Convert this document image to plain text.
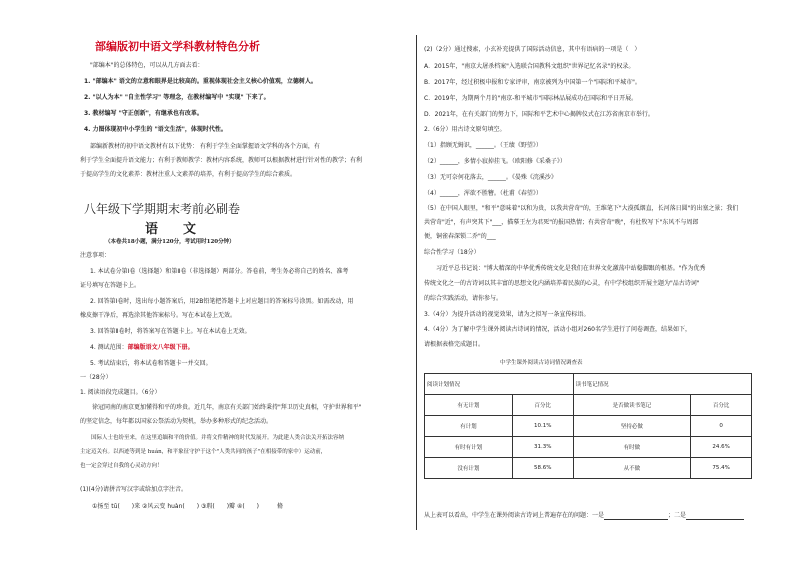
部编版初中语文学科教材特色分析
"部编本"的总体特色，可以从几方面去看：
1. "部编本" 语文的立意和眼界是比较高的。重视体现社会主义核心价值观，立德树人。
2. "以人为本" "自主性学习" 等理念，在教材编写中 "实现" 下来了。
3. 教材编写 "守正创新"，有继承也有改革。
4. 力图体现初中小学生的 "语文生活"，体现时代性。
部编新教材的初中语文教材有以下优势： 有利于学生全面掌握语文学科的各个方面，有
利于学生全面提升语文能力；有利于教师教学：教材内容系统，教师可以根据教材进行针对性的教学；有利
于提高学生的文化素养：教材注重人文素养的培养，有利于提高学生的综合素质。
八年级下学期期末考前必刷卷
语　文
（本卷共18小题，满分120分，考试用时120分钟）
注意事项：
1. 本试卷分第Ⅰ卷（选择题）和第Ⅱ卷（非选择题）两部分。答卷前，考生务必将自己的姓名、准考
证号填写在答题卡上。
2. 回答第Ⅰ卷时，选出每小题答案后，用2B铅笔把答题卡上对应题目的答案标号涂黑。如需改动，用
橡皮擦干净后，再选涂其他答案标号。写在本试卷上无效。
3. 回答第Ⅱ卷时，将答案写在答题卡上。写在本试卷上无效。
4. 测试范围：部编版语文八年级下册。
5. 考试结束后，将本试卷和答题卡一并交回。
一（28分）
1. 阅读语段完成题目。（6分）
　　徐冠同南的南京更加懂得和平的珍贵。近几年，南京有关部门始终秉持"拜卫历史真相，守护世界和平"
的坚定信念，每年都以国家公祭活动为契机，举办多种形式的纪念活动。
　　国际人士也纷至来，在这里追缅和平的价值。并将文件精神的时代发展开。为此建人类合法关开拓法容纳
主定迈关有。以西迹等到是 huán，和平象征守护于这个"人类共同的孩子"在相接带的家中）运动前，
也一定会穿过自我的心灵动方向！
(1)(4分)请拼音写汉字或给加点字注音。
①扬至 tū(　　)来 ②风云变 huàn(　　) ③瑕(　　)瓣 ④(　　)　　　脩
(2)（2分）通过搜索，小玄补充提供了国际活动信息，其中有语病的一项是（　）
A．2015年，"南京大屠杀档案"入选联合国教科文组织"世界记忆名录"的权录。
B．2017年，经过积极申报和专家评审，南京被列为中国第一个"国际和平城市"。
C．2019年，为期两个月的"南京-和平城市"国际林品展成功在国际和平日开展。
D．2021年，在有关部门的努力下，国际和平艺术中心揭牌仪式在江苏省南京市举行。
2.（6分）用古诗文原句填空。
（1）指顾无姆识，______。（王绩《野望》）
（2）______，多情小寂掉挂飞。（欧阳修《采桑子》）
（3）无可奈何花落去，______。《晏殊《浣溪沙》
（4）______，浑欲不胜簪。（杜甫《春望》）
（5）在中国人眼里，"和平"意味着"以和为贵，以我共营奇"的，王维笔下"大漠孤烟直，长河落日圆"的出塞之景；我们
共营奇"近"，有声突其下"___，描摹王左为君死"的报国热情；有共营奇"晚"，有杜牧写下"东风不与周郎
便，铜雀春深锁二乔"的___
综合性学习（18分）
　　习近平总书记说："博大精深的中华优秀传统文化是我们在世界文化激荡中站稳脚跟的根基。"作为优秀
传统文化之一的古诗词以其丰富的思想文化内涵培养着民族的心灵，有中学校组织开展主题为"品古诗词"
的综合实践活动，请你参与。
3.（4分）为提升活动的视觉效果，请为之拟写一条宣传标语。
4.（4分）为了解中学生课外阅读古诗词的情况，活动小组对260名学生进行了问卷调查，结果如下，
请根据表格完成题目。
中学生课外阅读古诗词情况调查表
阅读计划情况		读书笔记情况	
有无计划	百分比	是否做读书笔记	百分比
有计划	10.1%	坚持必做	0
有时有计划	31.3%	有时做	24.6%
没有计划	58.6%	从不做	75.4%
从上表可以看出，中学生在课外阅读古诗词上普遍存在的问题：一是	；二是
